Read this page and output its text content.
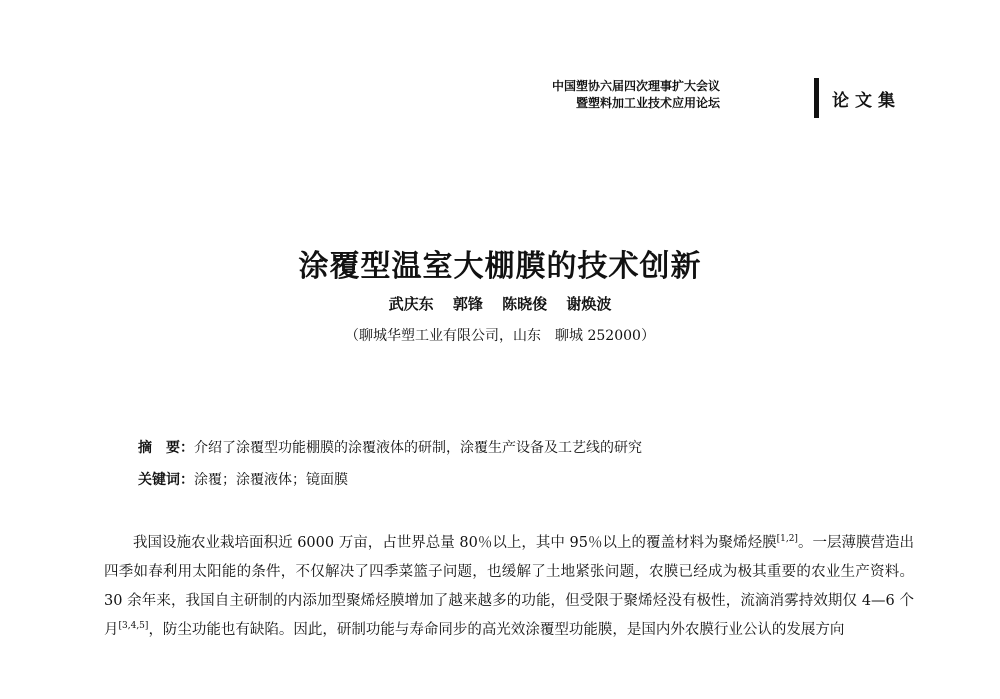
中国塑协六届四次理事扩大会议
暨塑料加工业技术应用论坛	论文集
涂覆型温室大棚膜的技术创新
武庆东 郭锋 陈晓俊 谢焕波
（聊城华塑工业有限公司，山东　聊城 252000）
摘　要：介绍了涂覆型功能棚膜的涂覆液体的研制，涂覆生产设备及工艺线的研究
关键词：涂覆；涂覆液体；镜面膜

我国设施农业栽培面积近 6000 万亩，占世界总量 80％以上，其中 95％以上的覆盖材料为聚烯烃膜[1,2]。一层薄膜营造出四季如春利用太阳能的条件，不仅解决了四季菜篮子问题，也缓解了土地紧张问题，农膜已经成为极其重要的农业生产资料。30 余年来，我国自主研制的内添加型聚烯烃膜增加了越来越多的功能，但受限于聚烯烃没有极性，流滴消雾持效期仅 4—6 个月[3,4,5]，防尘功能也有缺陷。因此，研制功能与寿命同步的高光效涂覆型功能膜，是国内外农膜行业公认的发展方向
